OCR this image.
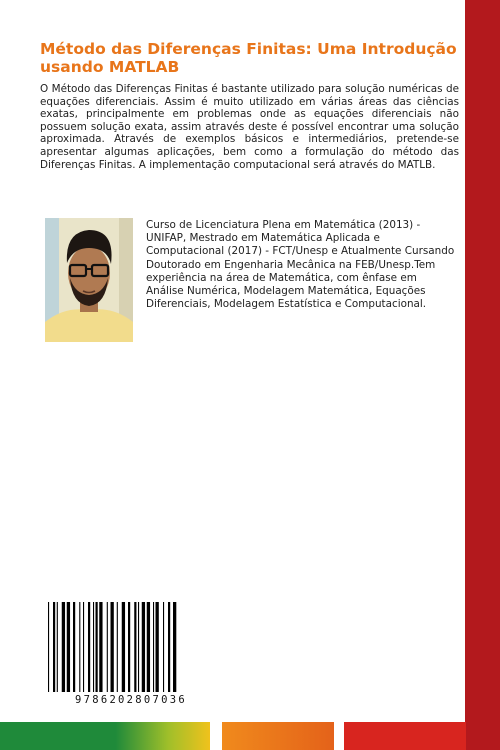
Método das Diferenças Finitas: Uma Introdução usando MATLAB

O Método das Diferenças Finitas é bastante utilizado para solução numéricas de equações diferenciais. Assim é muito utilizado em várias áreas das ciências exatas, principalmente em problemas onde as equações diferenciais não possuem solução exata, assim através deste é possível encontrar uma solução aproximada. Através de exemplos básicos e intermediários, pretende-se apresentar algumas aplicações, bem como a formulação do método das Diferenças Finitas. A implementação computacional será através do MATLB.

Curso de Licenciatura Plena em Matemática (2013) - UNIFAP, Mestrado em Matemática Aplicada e Computacional (2017) - FCT/Unesp e Atualmente Cursando Doutorado em Engenharia Mecânica na FEB/Unesp.Tem experiência na área de Matemática, com ênfase em Análise Numérica, Modelagem Matemática, Equações Diferenciais, Modelagem Estatística e Computacional.

9786202807036
